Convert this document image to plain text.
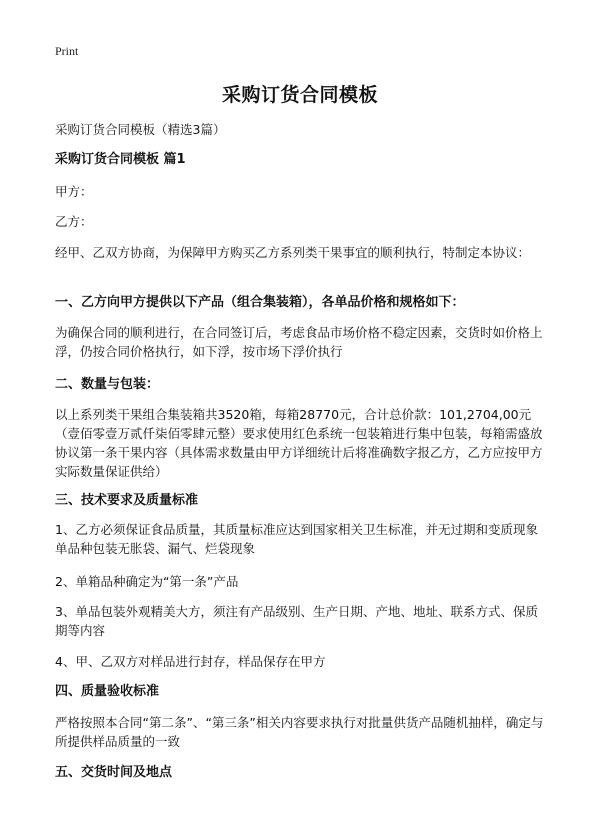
Print
采购订货合同模板

采购订货合同模板（精选3篇）

采购订货合同模板 篇1

甲方：

乙方：

经甲、乙双方协商，为保障甲方购买乙方系列类干果事宜的顺利执行，特制定本协议：

一、乙方向甲方提供以下产品（组合集装箱），各单品价格和规格如下：

为确保合同的顺利进行，在合同签订后，考虑食品市场价格不稳定因素，交货时如价格上浮，仍按合同价格执行，如下浮，按市场下浮价执行

二、数量与包装：

以上系列类干果组合集装箱共3520箱，每箱28770元，合计总价款：101,2704,00元（壹佰零壹万贰仟柒佰零肆元整）要求使用红色系统一包装箱进行集中包装，每箱需盛放协议第一条干果内容（具体需求数量由甲方详细统计后将准确数字报乙方，乙方应按甲方实际数量保证供给）

三、技术要求及质量标准

1、乙方必须保证食品质量，其质量标准应达到国家相关卫生标准，并无过期和变质现象单品种包装无胀袋、漏气、烂袋现象

2、单箱品种确定为“第一条”产品

3、单品包装外观精美大方，须注有产品级别、生产日期、产地、地址、联系方式、保质期等内容

4、甲、乙双方对样品进行封存，样品保存在甲方

四、质量验收标准

严格按照本合同“第二条”、“第三条”相关内容要求执行对批量供货产品随机抽样，确定与所提供样品质量的一致

五、交货时间及地点
